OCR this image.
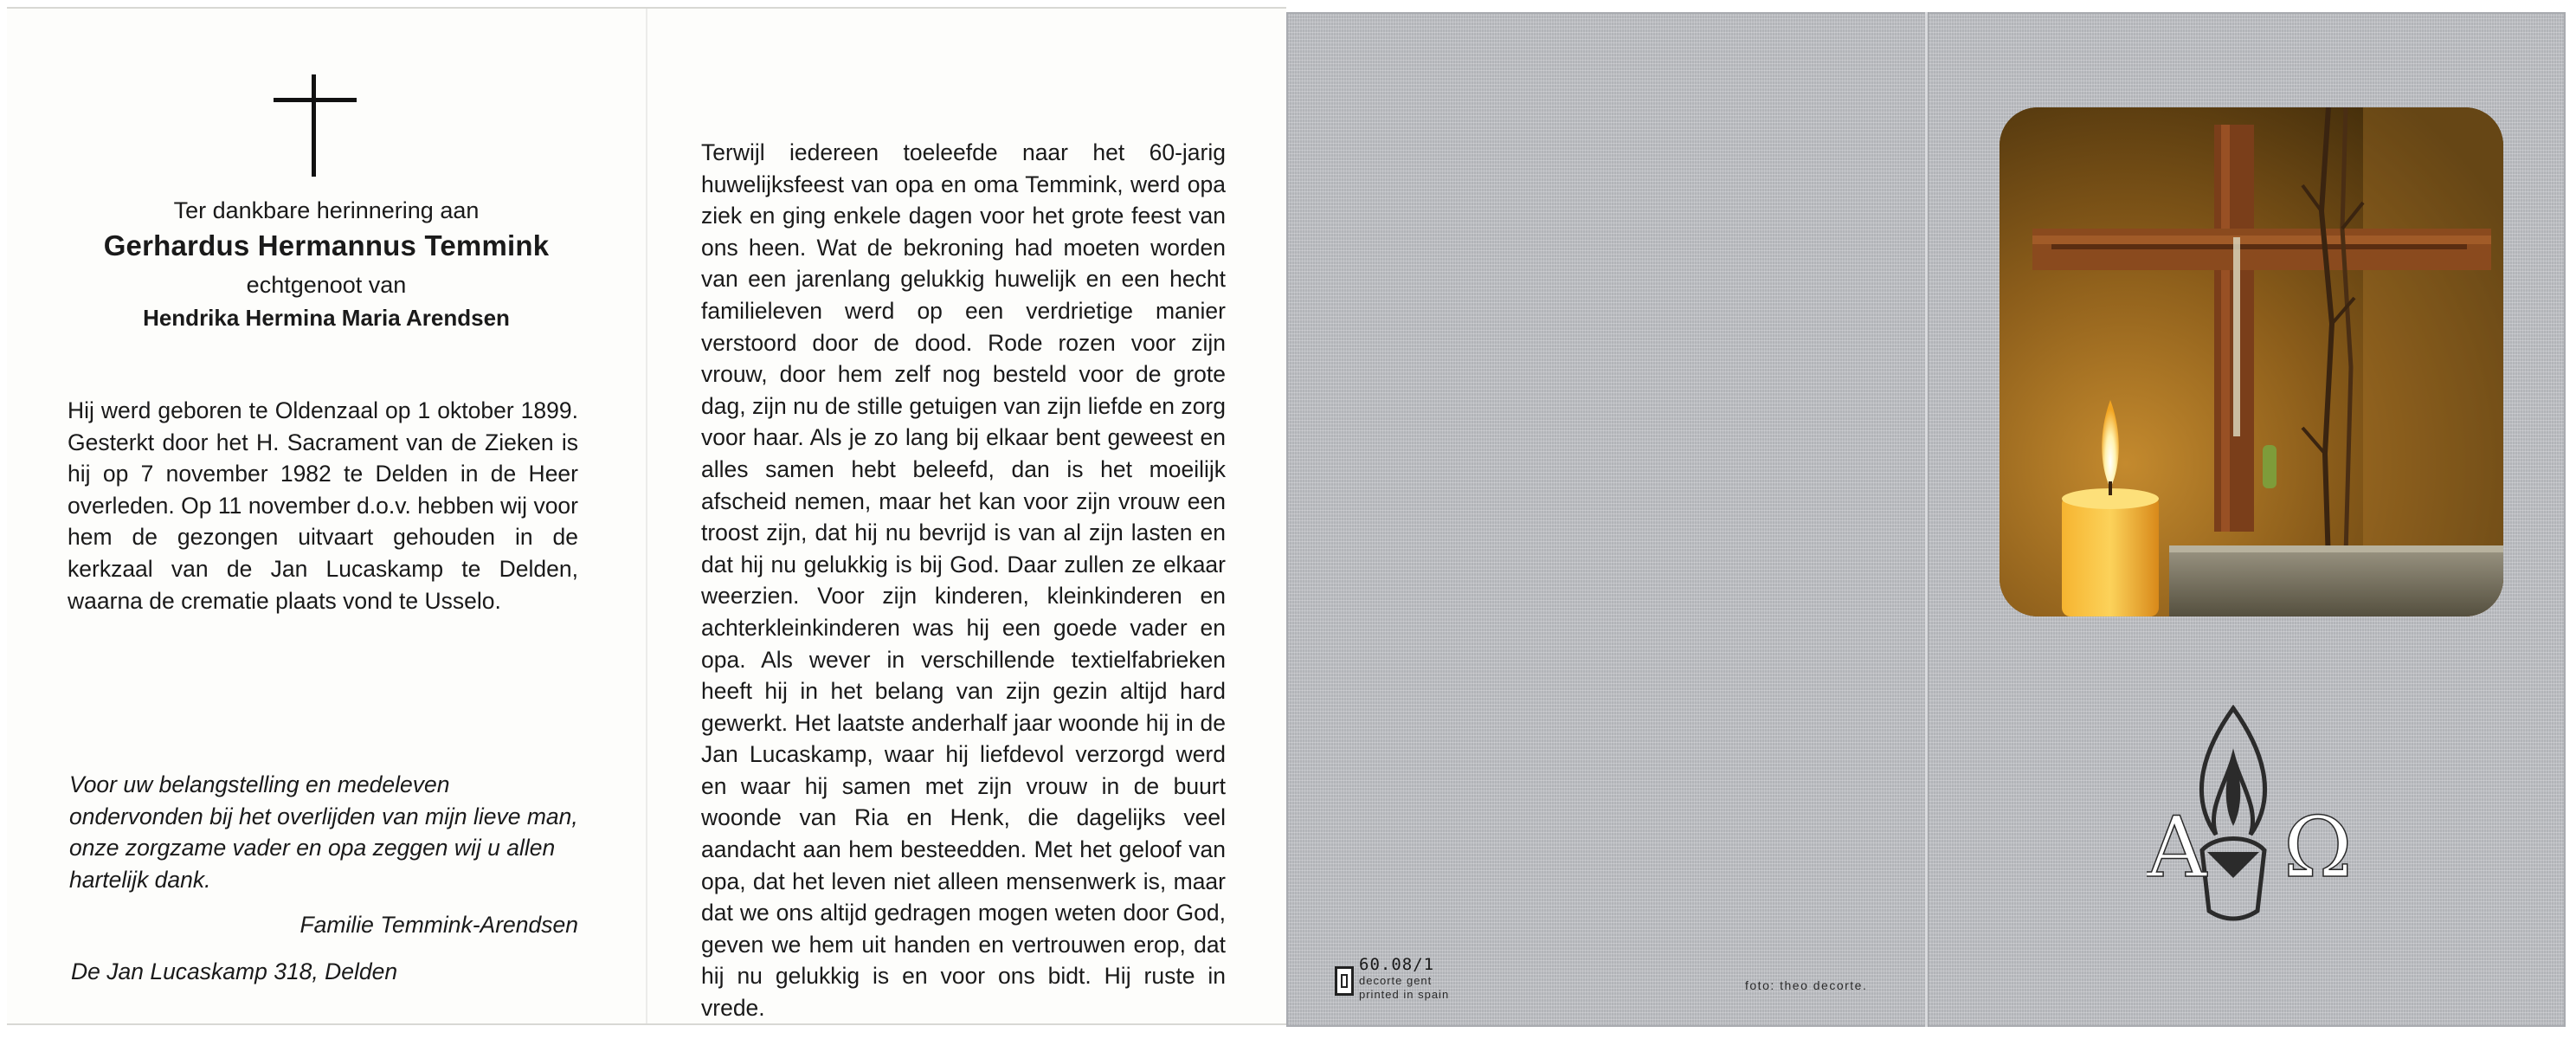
Ter dankbare herinnering aan
Gerhardus Hermannus Temmink
echtgenoot van
Hendrika Hermina Maria Arendsen

Hij werd geboren te Oldenzaal op 1 oktober 1899. Gesterkt door het H. Sacrament van de Zieken is hij op 7 november 1982 te Delden in de Heer overleden. Op 11 november d.o.v. hebben wij voor hem de gezongen uitvaart gehouden in de kerkzaal van de Jan Lucaskamp te Delden, waarna de crematie plaats vond te Usselo.

Voor uw belangstelling en medeleven ondervonden bij het overlijden van mijn lieve man, onze zorgzame vader en opa zeggen wij u allen hartelijk dank.

Familie Temmink-Arendsen
De Jan Lucaskamp 318, Delden

Terwijl iedereen toeleefde naar het 60-jarig huwelijksfeest van opa en oma Temmink, werd opa ziek en ging enkele dagen voor het grote feest van ons heen. Wat de bekroning had moeten worden van een jarenlang gelukkig huwelijk en een hecht familieleven werd op een verdrietige manier verstoord door de dood. Rode rozen voor zijn vrouw, door hem zelf nog besteld voor de grote dag, zijn nu de stille getuigen van zijn liefde en zorg voor haar. Als je zo lang bij elkaar bent geweest en alles samen hebt beleefd, dan is het moeilijk afscheid nemen, maar het kan voor zijn vrouw een troost zijn, dat hij nu bevrijd is van al zijn lasten en dat hij nu gelukkig is bij God. Daar zullen ze elkaar weerzien. Voor zijn kinderen, kleinkinderen en achterkleinkinderen was hij een goede vader en opa. Als wever in verschillende textielfabrieken heeft hij in het belang van zijn gezin altijd hard gewerkt. Het laatste anderhalf jaar woonde hij in de Jan Lucaskamp, waar hij liefdevol verzorgd werd en waar hij samen met zijn vrouw in de buurt woonde van Ria en Henk, die dagelijks veel aandacht aan hem besteedden. Met het geloof van opa, dat het leven niet alleen mensenwerk is, maar dat we ons altijd gedragen mogen weten door God, geven we hem uit handen en vertrouwen erop, dat hij nu gelukkig is en voor ons bidt. Hij ruste in vrede.

60.08/1
decorte gent
printed in spain
foto: theo decorte.
A Ω
